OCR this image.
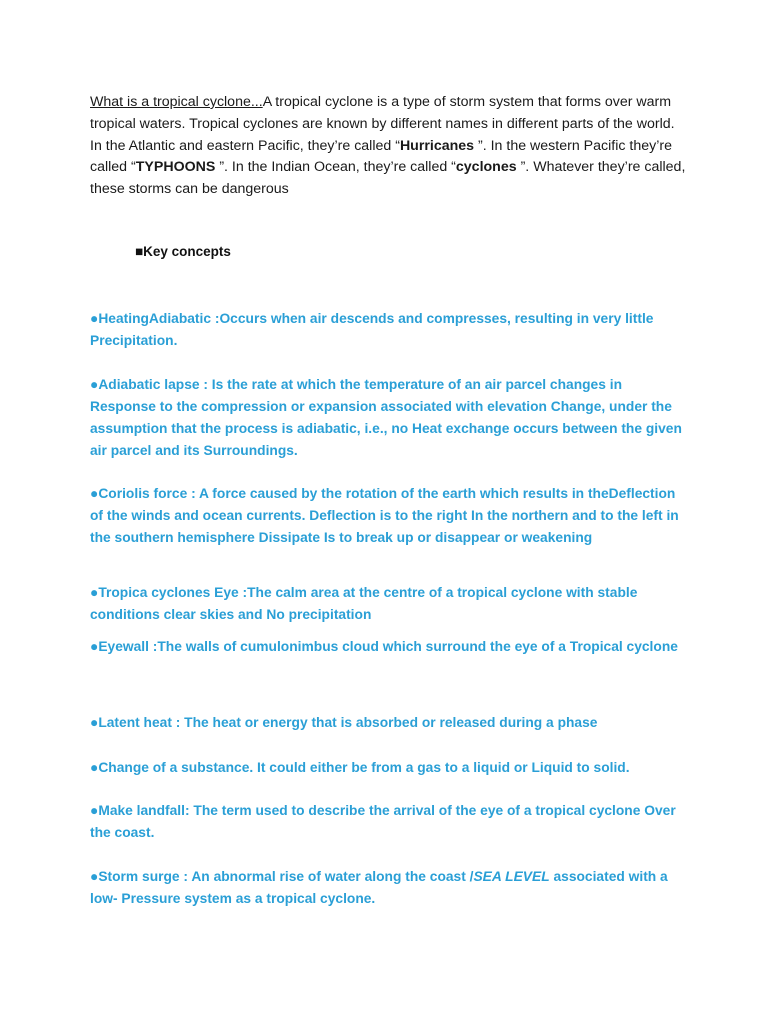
What is a tropical cyclone...A tropical cyclone is a type of storm system that forms over warm tropical waters. Tropical cyclones are known by different names in different parts of the world. In the Atlantic and eastern Pacific, they’re called “Hurricanes ”. In the western Pacific they’re called “TYPHOONS ”. In the Indian Ocean, they’re called “cyclones ”. Whatever they’re called, these storms can be dangerous

■Key concepts

●HeatingAdiabatic :Occurs when air descends and compresses, resulting in very little Precipitation.

●Adiabatic lapse : Is the rate at which the temperature of an air parcel changes in Response to the compression or expansion associated with elevation Change, under the assumption that the process is adiabatic, i.e., no Heat exchange occurs between the given air parcel and its Surroundings.

●Coriolis force : A force caused by the rotation of the earth which results in theDeflection of the winds and ocean currents. Deflection is to the right In the northern and to the left in the southern hemisphere Dissipate Is to break up or disappear or weakening

●Tropica cyclones Eye :The calm area at the centre of a tropical cyclone with stable conditions clear skies and No precipitation

●Eyewall :The walls of cumulonimbus cloud which surround the eye of a Tropical cyclone

●Latent heat : The heat or energy that is absorbed or released during a phase

●Change of a substance. It could either be from a gas to a liquid or Liquid to solid.

●Make landfall: The term used to describe the arrival of the eye of a tropical cyclone Over the coast.

●Storm surge : An abnormal rise of water along the coast /SEA LEVEL associated with a low- Pressure system as a tropical cyclone.
